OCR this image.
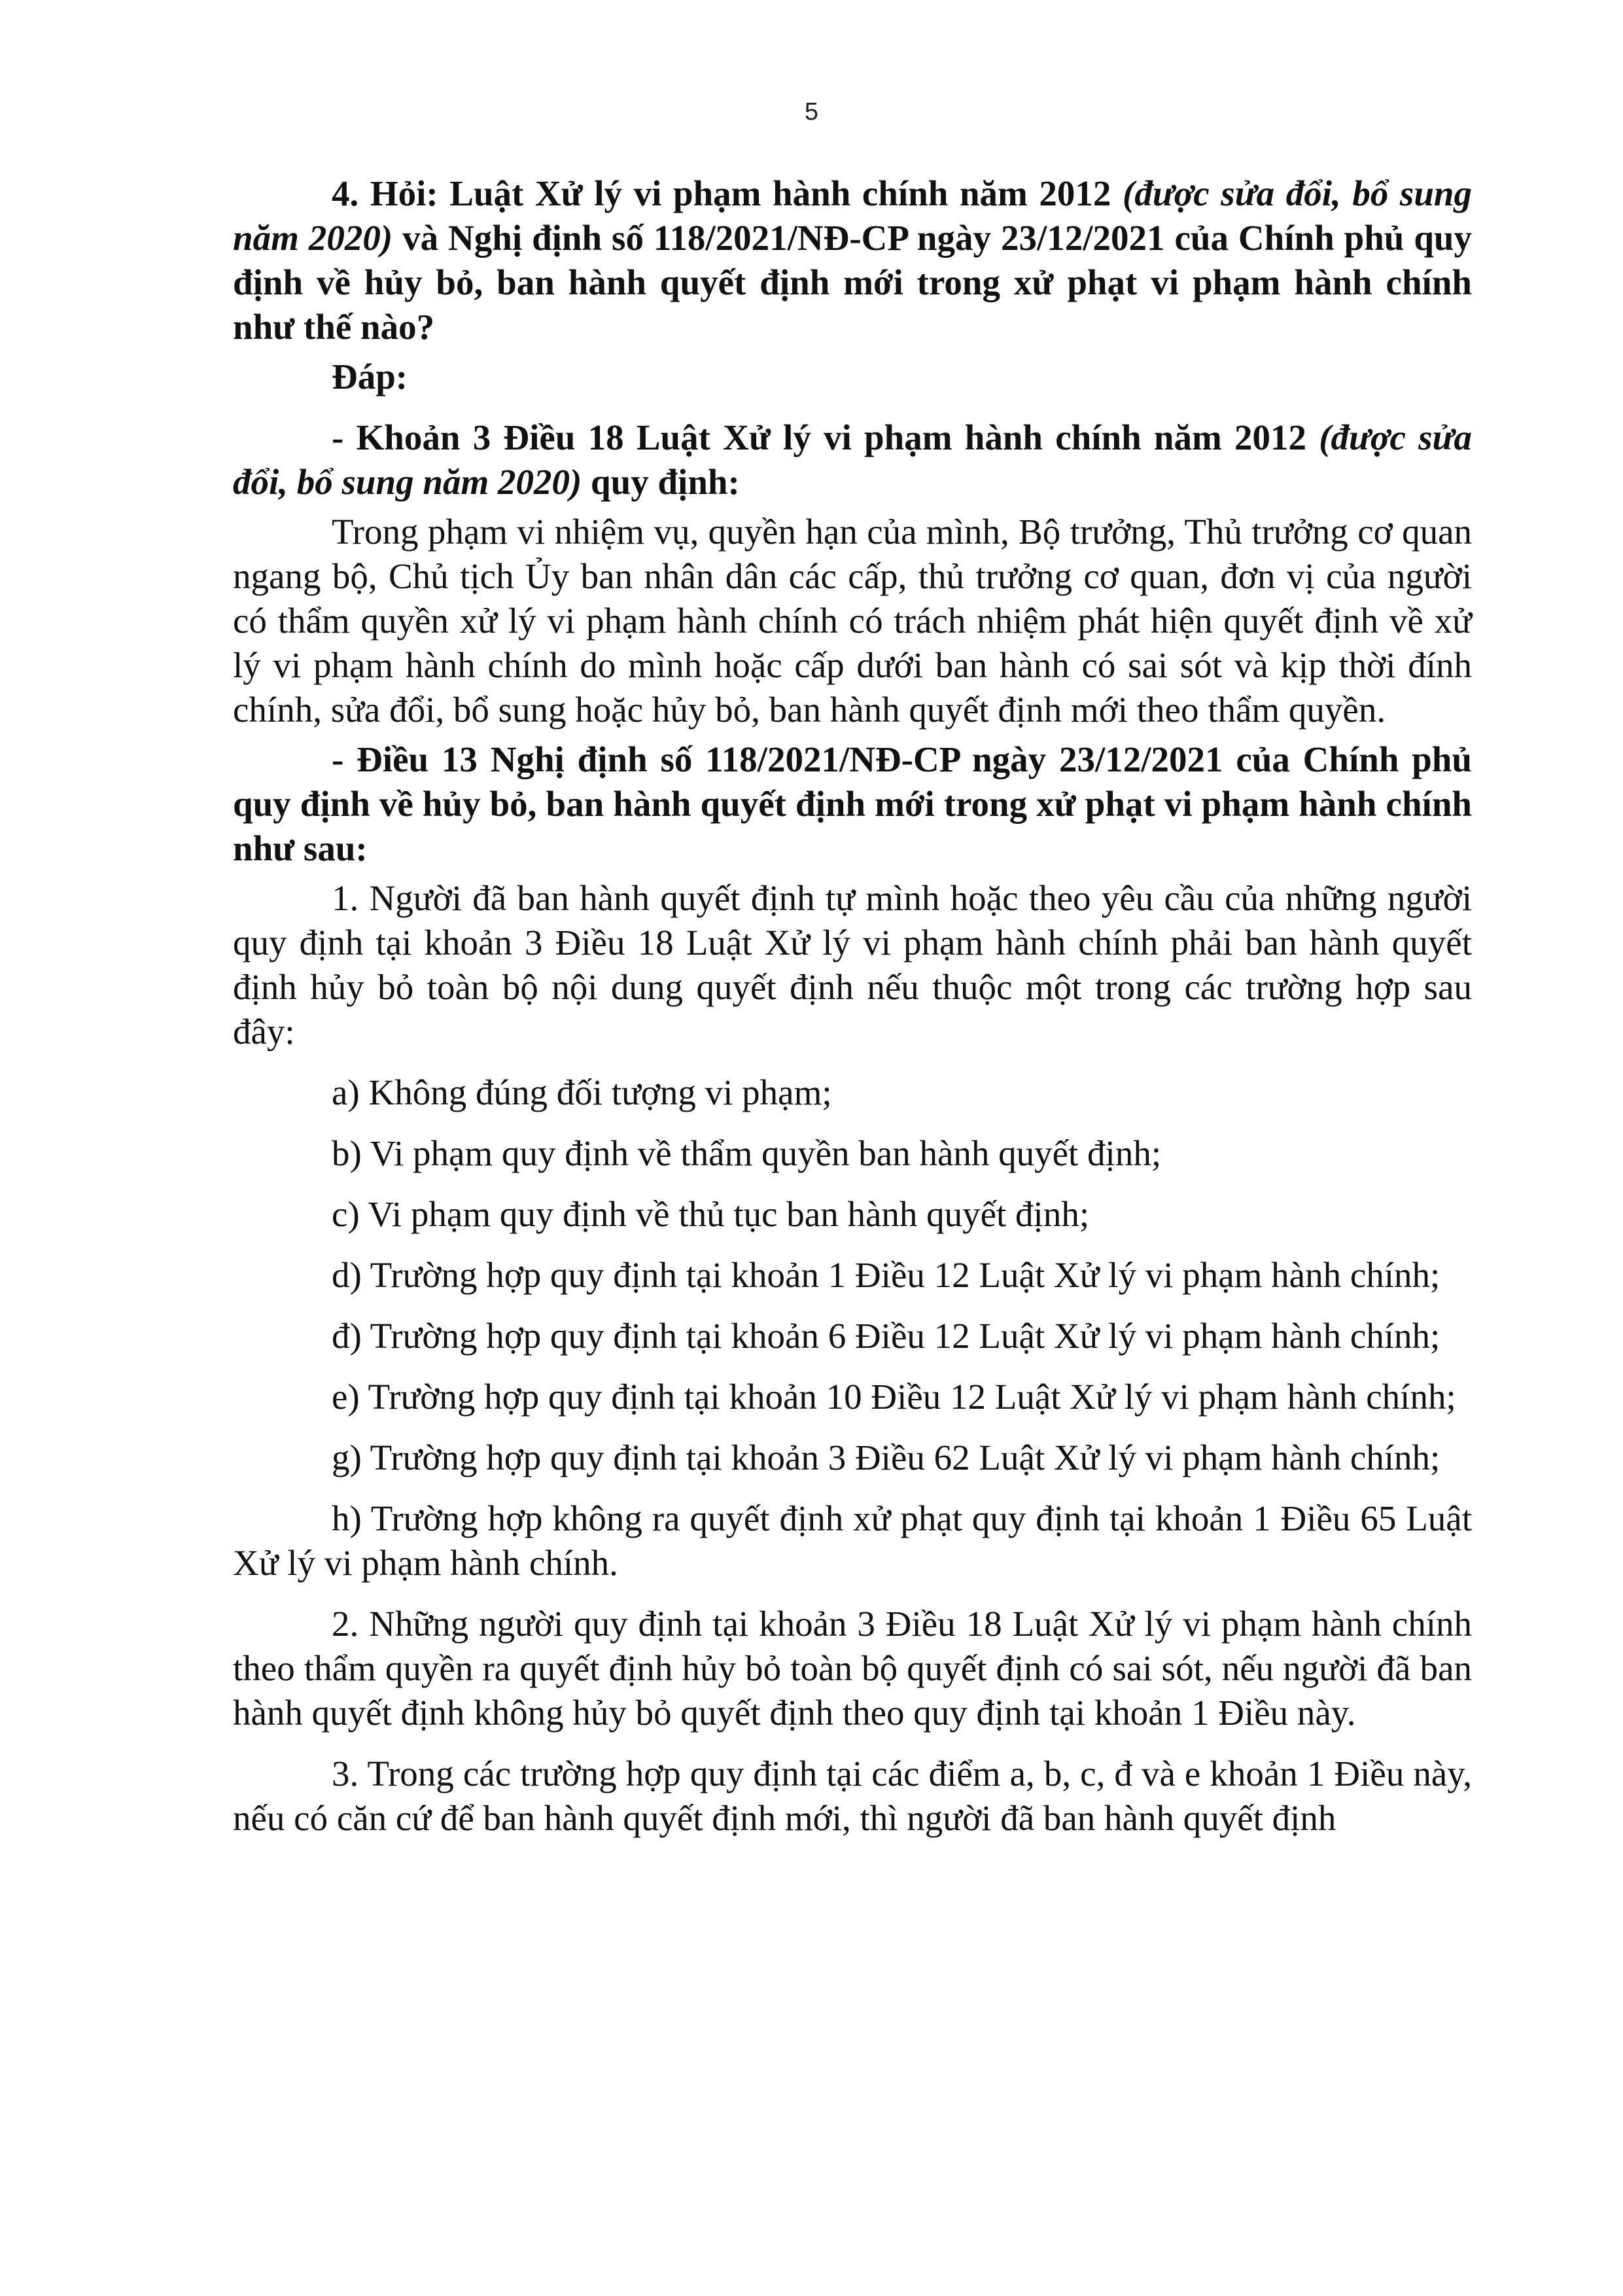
5

4. Hỏi: Luật Xử lý vi phạm hành chính năm 2012 (được sửa đổi, bổ sung năm 2020) và Nghị định số 118/2021/NĐ-CP ngày 23/12/2021 của Chính phủ quy định về hủy bỏ, ban hành quyết định mới trong xử phạt vi phạm hành chính như thế nào?

Đáp:

- Khoản 3 Điều 18 Luật Xử lý vi phạm hành chính năm 2012 (được sửa đổi, bổ sung năm 2020) quy định:

Trong phạm vi nhiệm vụ, quyền hạn của mình, Bộ trưởng, Thủ trưởng cơ quan ngang bộ, Chủ tịch Ủy ban nhân dân các cấp, thủ trưởng cơ quan, đơn vị của người có thẩm quyền xử lý vi phạm hành chính có trách nhiệm phát hiện quyết định về xử lý vi phạm hành chính do mình hoặc cấp dưới ban hành có sai sót và kịp thời đính chính, sửa đổi, bổ sung hoặc hủy bỏ, ban hành quyết định mới theo thẩm quyền.

- Điều 13 Nghị định số 118/2021/NĐ-CP ngày 23/12/2021 của Chính phủ quy định về hủy bỏ, ban hành quyết định mới trong xử phạt vi phạm hành chính như sau:

1. Người đã ban hành quyết định tự mình hoặc theo yêu cầu của những người quy định tại khoản 3 Điều 18 Luật Xử lý vi phạm hành chính phải ban hành quyết định hủy bỏ toàn bộ nội dung quyết định nếu thuộc một trong các trường hợp sau đây:

a) Không đúng đối tượng vi phạm;

b) Vi phạm quy định về thẩm quyền ban hành quyết định;

c) Vi phạm quy định về thủ tục ban hành quyết định;

d) Trường hợp quy định tại khoản 1 Điều 12 Luật Xử lý vi phạm hành chính;

đ) Trường hợp quy định tại khoản 6 Điều 12 Luật Xử lý vi phạm hành chính;

e) Trường hợp quy định tại khoản 10 Điều 12 Luật Xử lý vi phạm hành chính;

g) Trường hợp quy định tại khoản 3 Điều 62 Luật Xử lý vi phạm hành chính;

h) Trường hợp không ra quyết định xử phạt quy định tại khoản 1 Điều 65 Luật Xử lý vi phạm hành chính.

2. Những người quy định tại khoản 3 Điều 18 Luật Xử lý vi phạm hành chính theo thẩm quyền ra quyết định hủy bỏ toàn bộ quyết định có sai sót, nếu người đã ban hành quyết định không hủy bỏ quyết định theo quy định tại khoản 1 Điều này.

3. Trong các trường hợp quy định tại các điểm a, b, c, đ và e khoản 1 Điều này, nếu có căn cứ để ban hành quyết định mới, thì người đã ban hành quyết định
